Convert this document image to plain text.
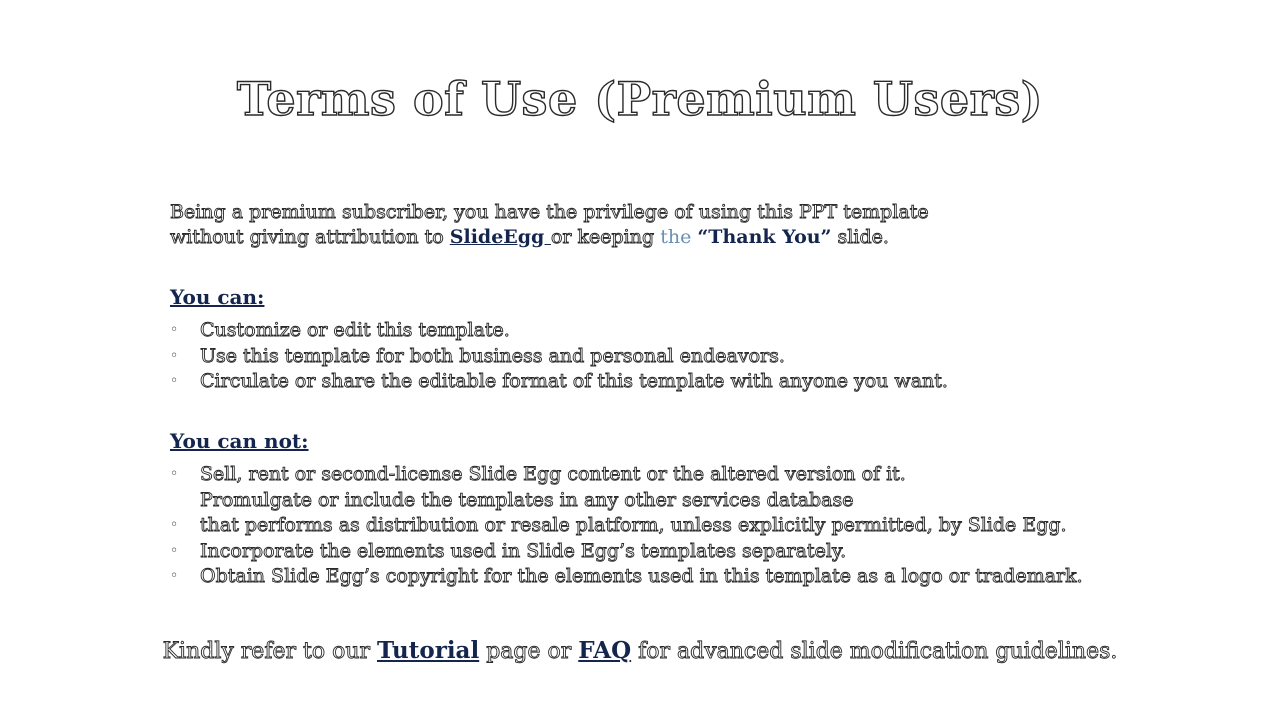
Terms of Use (Premium Users)
Being a premium subscriber, you have the privilege of using this PPT template
without giving attribution to SlideEgg or keeping the “Thank You” slide.
You can:
◦	Customize or edit this template.
◦	Use this template for both business and personal endeavors.
◦	Circulate or share the editable format of this template with anyone you want.
You can not:
◦	Sell, rent or second-license Slide Egg content or the altered version of it.
Promulgate or include the templates in any other services database
◦	that performs as distribution or resale platform, unless explicitly permitted, by Slide Egg.
◦	Incorporate the elements used in Slide Egg’s templates separately.
◦	Obtain Slide Egg’s copyright for the elements used in this template as a logo or trademark.
Kindly refer to our Tutorial page or FAQ for advanced slide modification guidelines.
